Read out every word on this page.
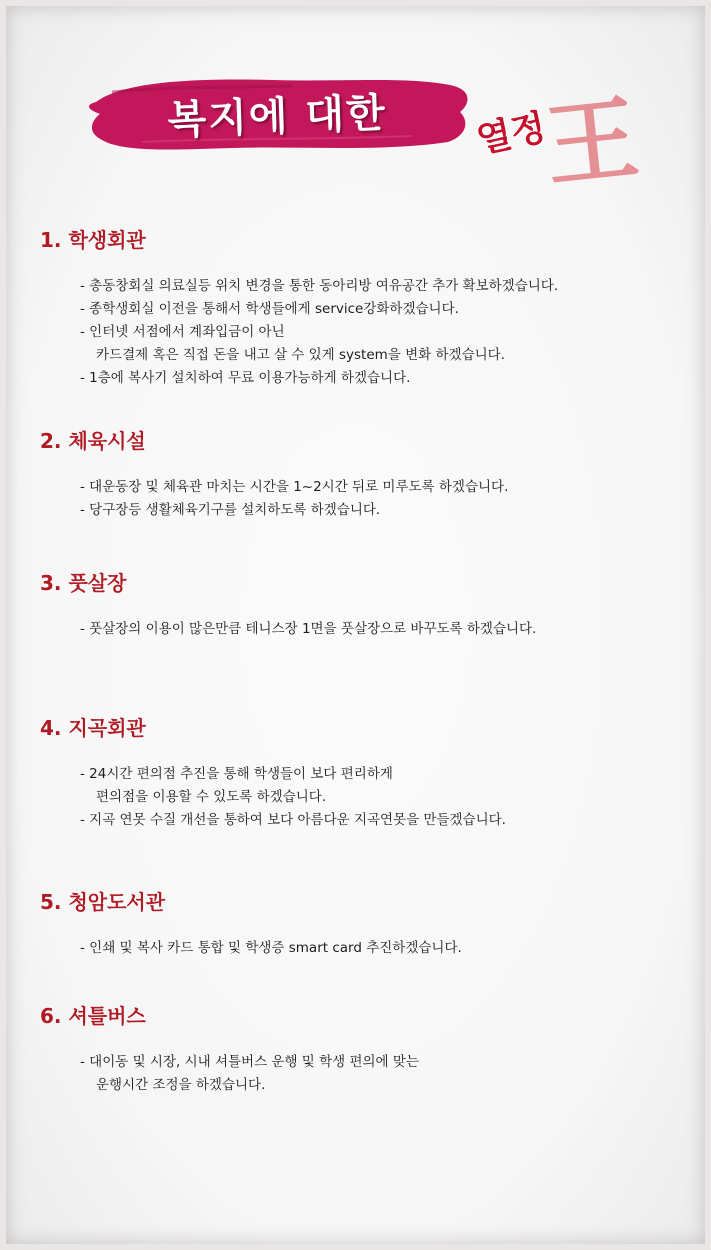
복지에 대한	王
열정
1. 학생회관
- 총동창회실 의료실등 위치 변경을 통한 동아리방 여유공간 추가 확보하겠습니다.
- 종학생회실 이전을 통해서 학생들에게 service강화하겠습니다.
- 인터넷 서점에서 계좌입금이 아닌
카드결제 혹은 직접 돈을 내고 살 수 있게 system을 변화 하겠습니다.
- 1층에 복사기 설치하여 무료 이용가능하게 하겠습니다.
2. 체육시설
- 대운동장 및 체육관 마치는 시간을 1~2시간 뒤로 미루도록 하겠습니다.
- 당구장등 생활체육기구를 설치하도록 하겠습니다.
3. 풋살장
- 풋살장의 이용이 많은만큼 테니스장 1면을 풋살장으로 바꾸도록 하겠습니다.
4. 지곡회관
- 24시간 편의점 추진을 통해 학생들이 보다 편리하게
편의점을 이용할 수 있도록 하겠습니다.
- 지곡 연못 수질 개선을 통하여 보다 아름다운 지곡연못을 만들겠습니다.
5. 청암도서관
- 인쇄 및 복사 카드 통합 및 학생증 smart card 추진하겠습니다.
6. 셔틀버스
- 대이동 및 시장, 시내 셔틀버스 운행 및 학생 편의에 맞는
운행시간 조정을 하겠습니다.
